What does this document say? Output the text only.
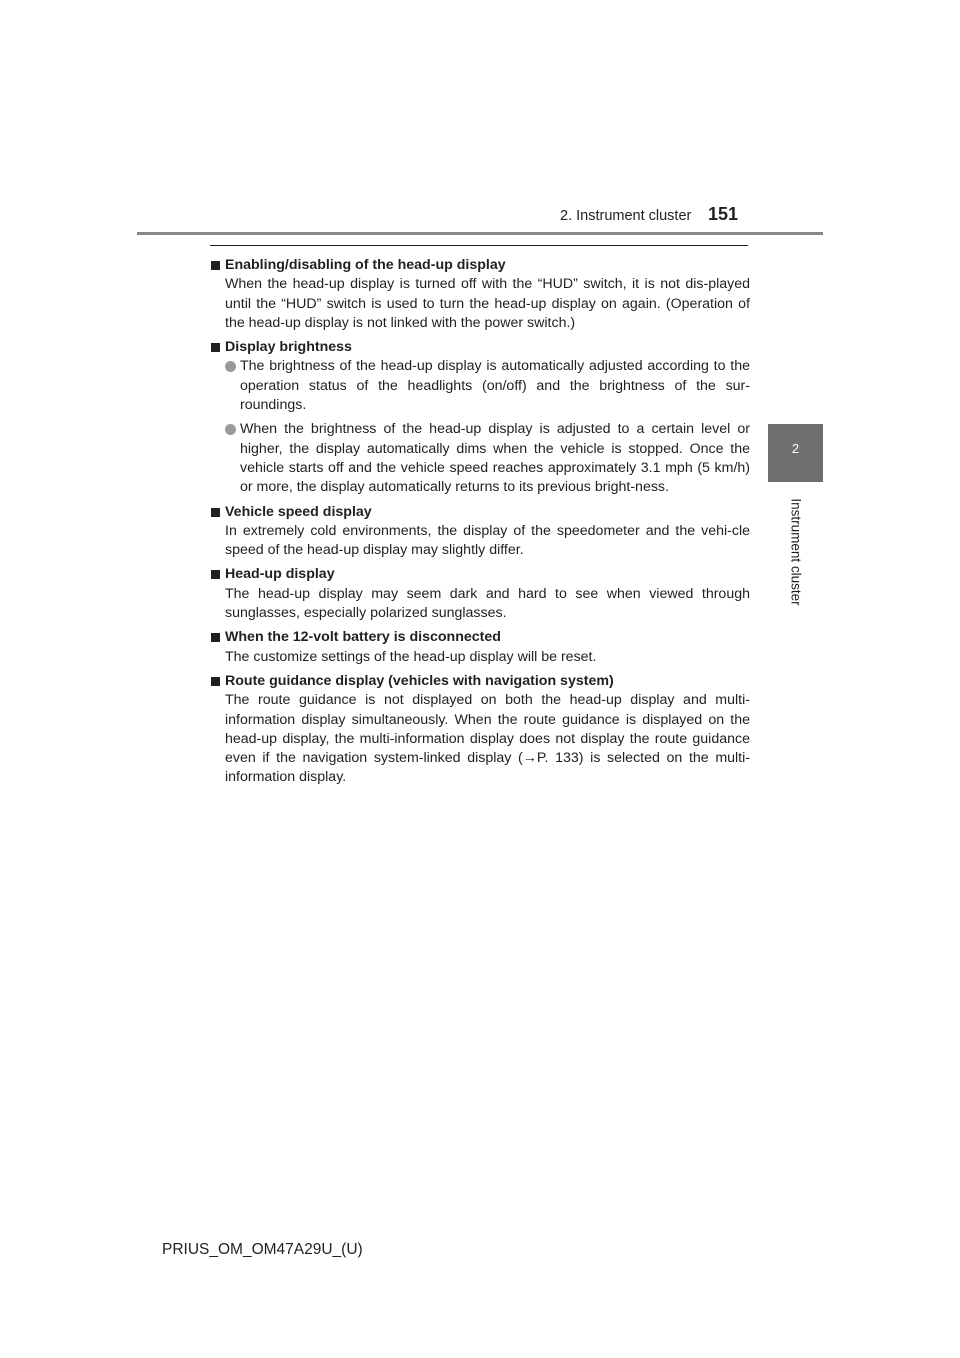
2. Instrument cluster 151
2
Instrument cluster
Enabling/disabling of the head-up display
When the head-up display is turned off with the “HUD” switch, it is not dis-played until the “HUD” switch is used to turn the head-up display on again. (Operation of the head-up display is not linked with the power switch.)
Display brightness
The brightness of the head-up display is automatically adjusted according to the operation status of the headlights (on/off) and the brightness of the sur-roundings.
When the brightness of the head-up display is adjusted to a certain level or higher, the display automatically dims when the vehicle is stopped. Once the vehicle starts off and the vehicle speed reaches approximately 3.1 mph (5 km/h) or more, the display automatically returns to its previous bright-ness.
Vehicle speed display
In extremely cold environments, the display of the speedometer and the vehi-cle speed of the head-up display may slightly differ.
Head-up display
The head-up display may seem dark and hard to see when viewed through sunglasses, especially polarized sunglasses.
When the 12-volt battery is disconnected
The customize settings of the head-up display will be reset.
Route guidance display (vehicles with navigation system)
The route guidance is not displayed on both the head-up display and multi-information display simultaneously. When the route guidance is displayed on the head-up display, the multi-information display does not display the route guidance even if the navigation system-linked display (→P. 133) is selected on the multi-information display.
PRIUS_OM_OM47A29U_(U)
